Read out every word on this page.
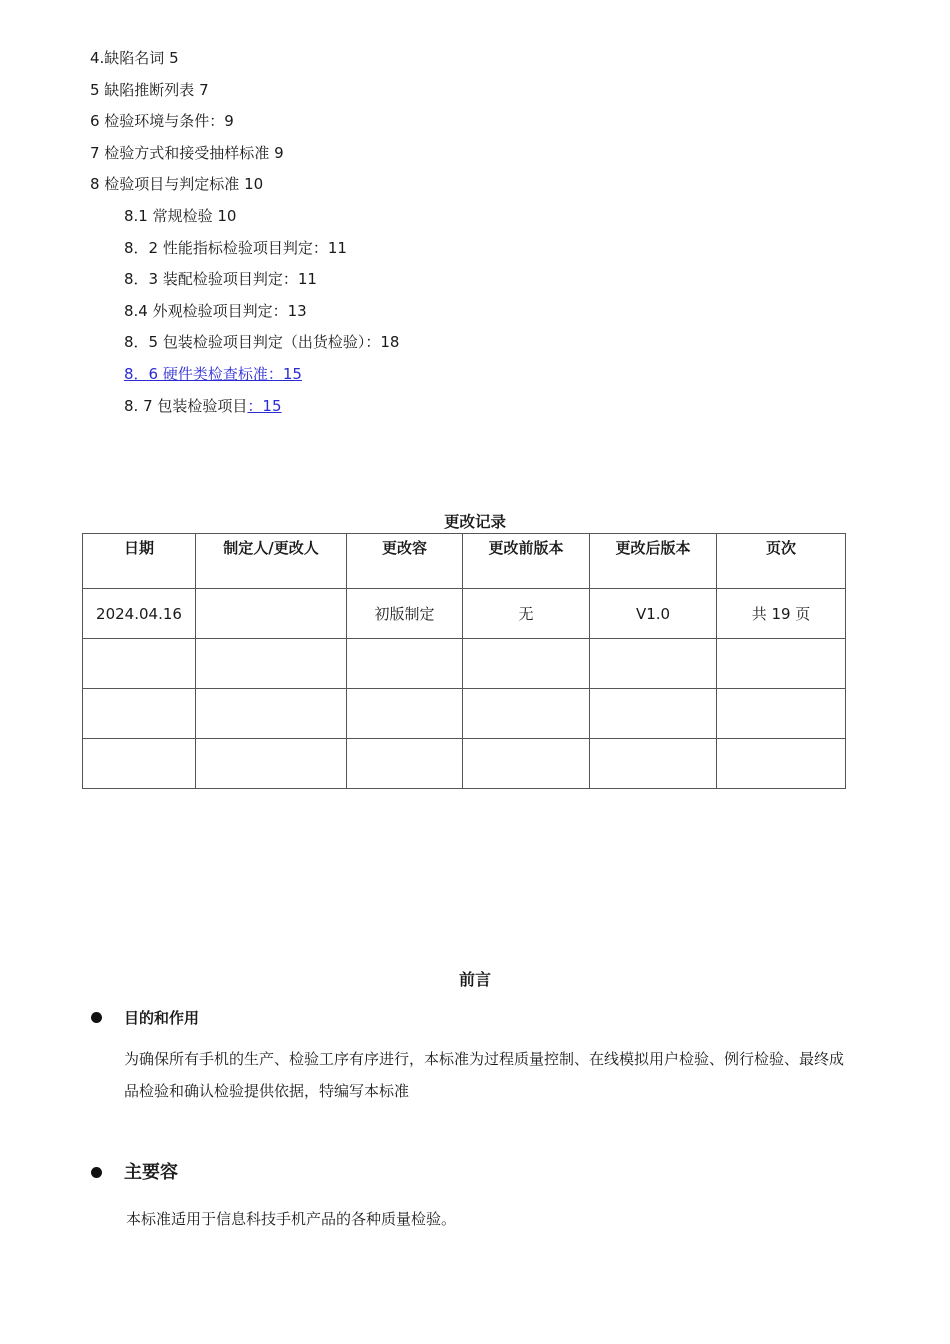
4.缺陷名词 5
5 缺陷推断列表 7
6 检验环境与条件：9
7 检验方式和接受抽样标准 9
8 检验项目与判定标准 10
8.1 常规检验 10
8．2 性能指标检验项目判定：11
8．3 装配检验项目判定：11
8.4 外观检验项目判定：13
8．5 包装检验项目判定（出货检验）：18
8．6 硬件类检查标准：15
8. 7 包装检验项目：15
更改记录
日期	制定人/更改人	更改容	更改前版本	更改后版本	页次
2024.04.16		初版制定	无	V1.0	共 19 页

前言
目的和作用
为确保所有手机的生产、检验工序有序进行，本标准为过程质量控制、在线模拟用户检验、例行检验、最终成品检验和确认检验提供依据，特编写本标准
主要容
本标准适用于信息科技手机产品的各种质量检验。
